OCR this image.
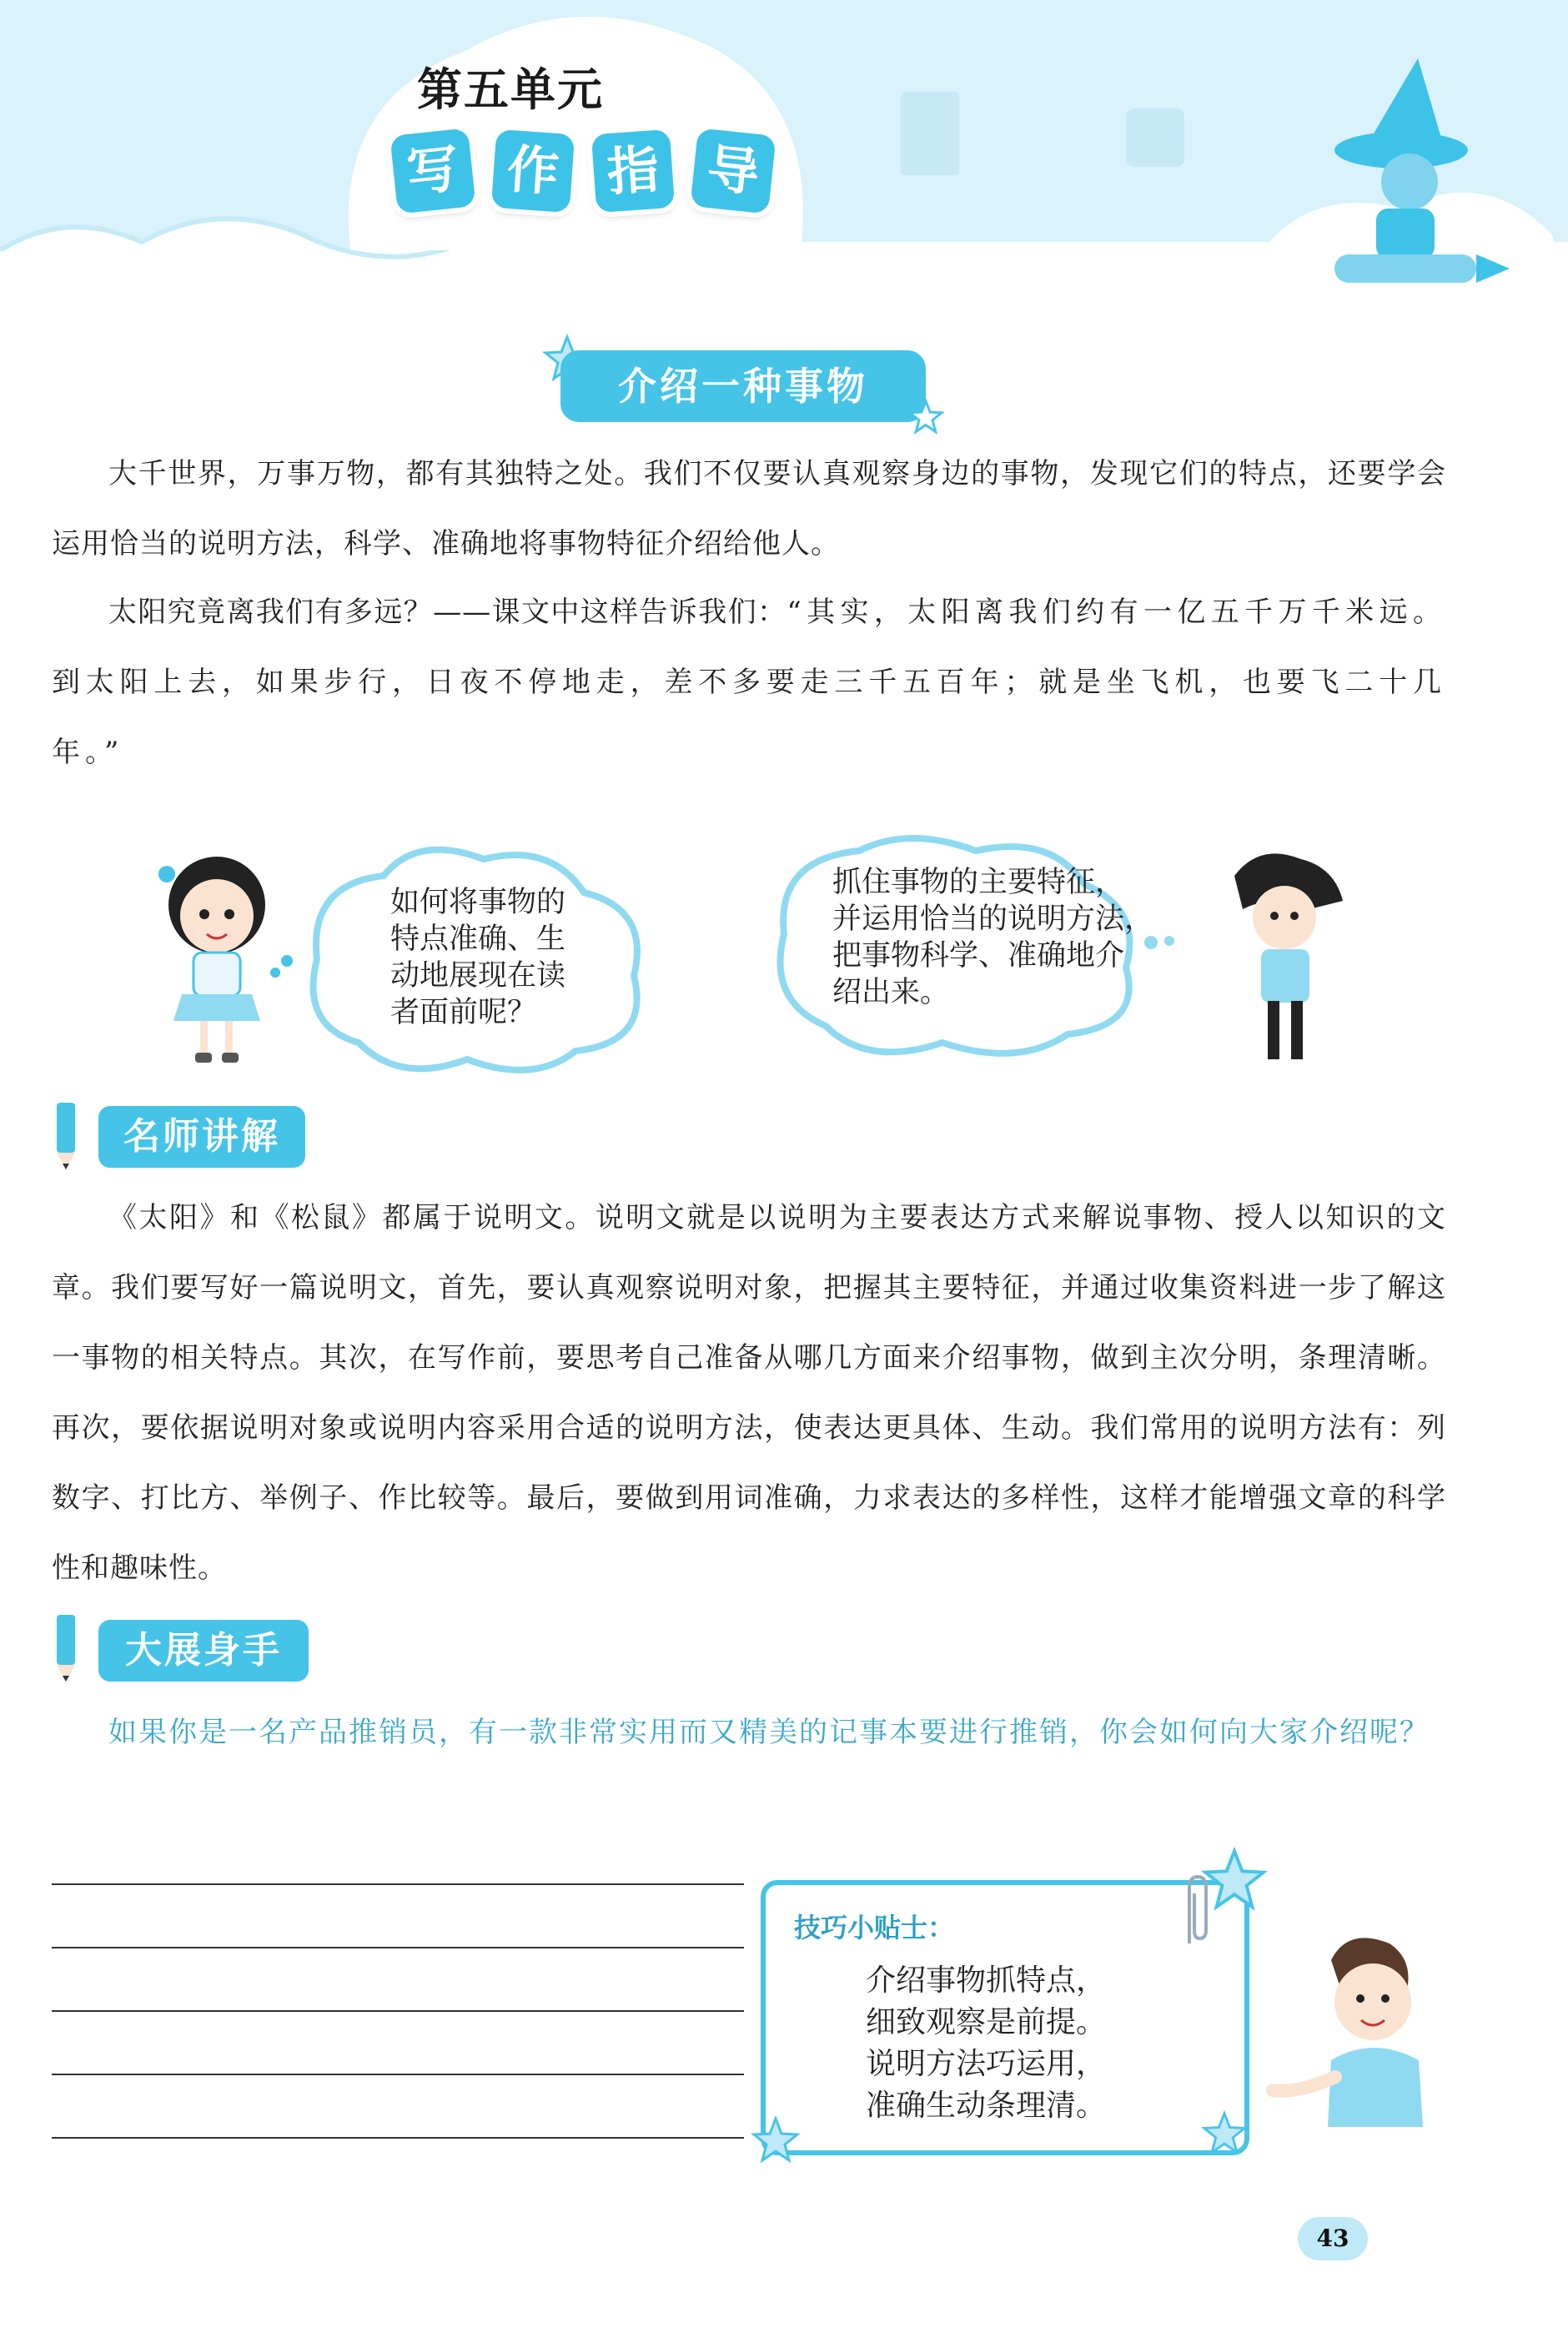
第五单元
写 作 指 导
介绍一种事物
大千世界，万事万物，都有其独特之处。我们不仅要认真观察身边的事物，发现它们的特点，还要学会运用恰当的说明方法，科学、准确地将事物特征介绍给他人。
太阳究竟离我们有多远？——课文中这样告诉我们：“其实，太阳离我们约有一亿五千万千米远。到太阳上去，如果步行，日夜不停地走，差不多要走三千五百年；就是坐飞机，也要飞二十几年。”
如何将事物的
特点准确、生
动地展现在读
者面前呢？
抓住事物的主要特征，
并运用恰当的说明方法，
把事物科学、准确地介
绍出来。
名师讲解
《太阳》和《松鼠》都属于说明文。说明文就是以说明为主要表达方式来解说事物、授人以知识的文章。我们要写好一篇说明文，首先，要认真观察说明对象，把握其主要特征，并通过收集资料进一步了解这一事物的相关特点。其次，在写作前，要思考自己准备从哪几方面来介绍事物，做到主次分明，条理清晰。再次，要依据说明对象或说明内容采用合适的说明方法，使表达更具体、生动。我们常用的说明方法有：列数字、打比方、举例子、作比较等。最后，要做到用词准确，力求表达的多样性，这样才能增强文章的科学性和趣味性。
大展身手
如果你是一名产品推销员，有一款非常实用而又精美的记事本要进行推销，你会如何向大家介绍呢？
技巧小贴士：
介绍事物抓特点，
细致观察是前提。
说明方法巧运用，
准确生动条理清。
43
